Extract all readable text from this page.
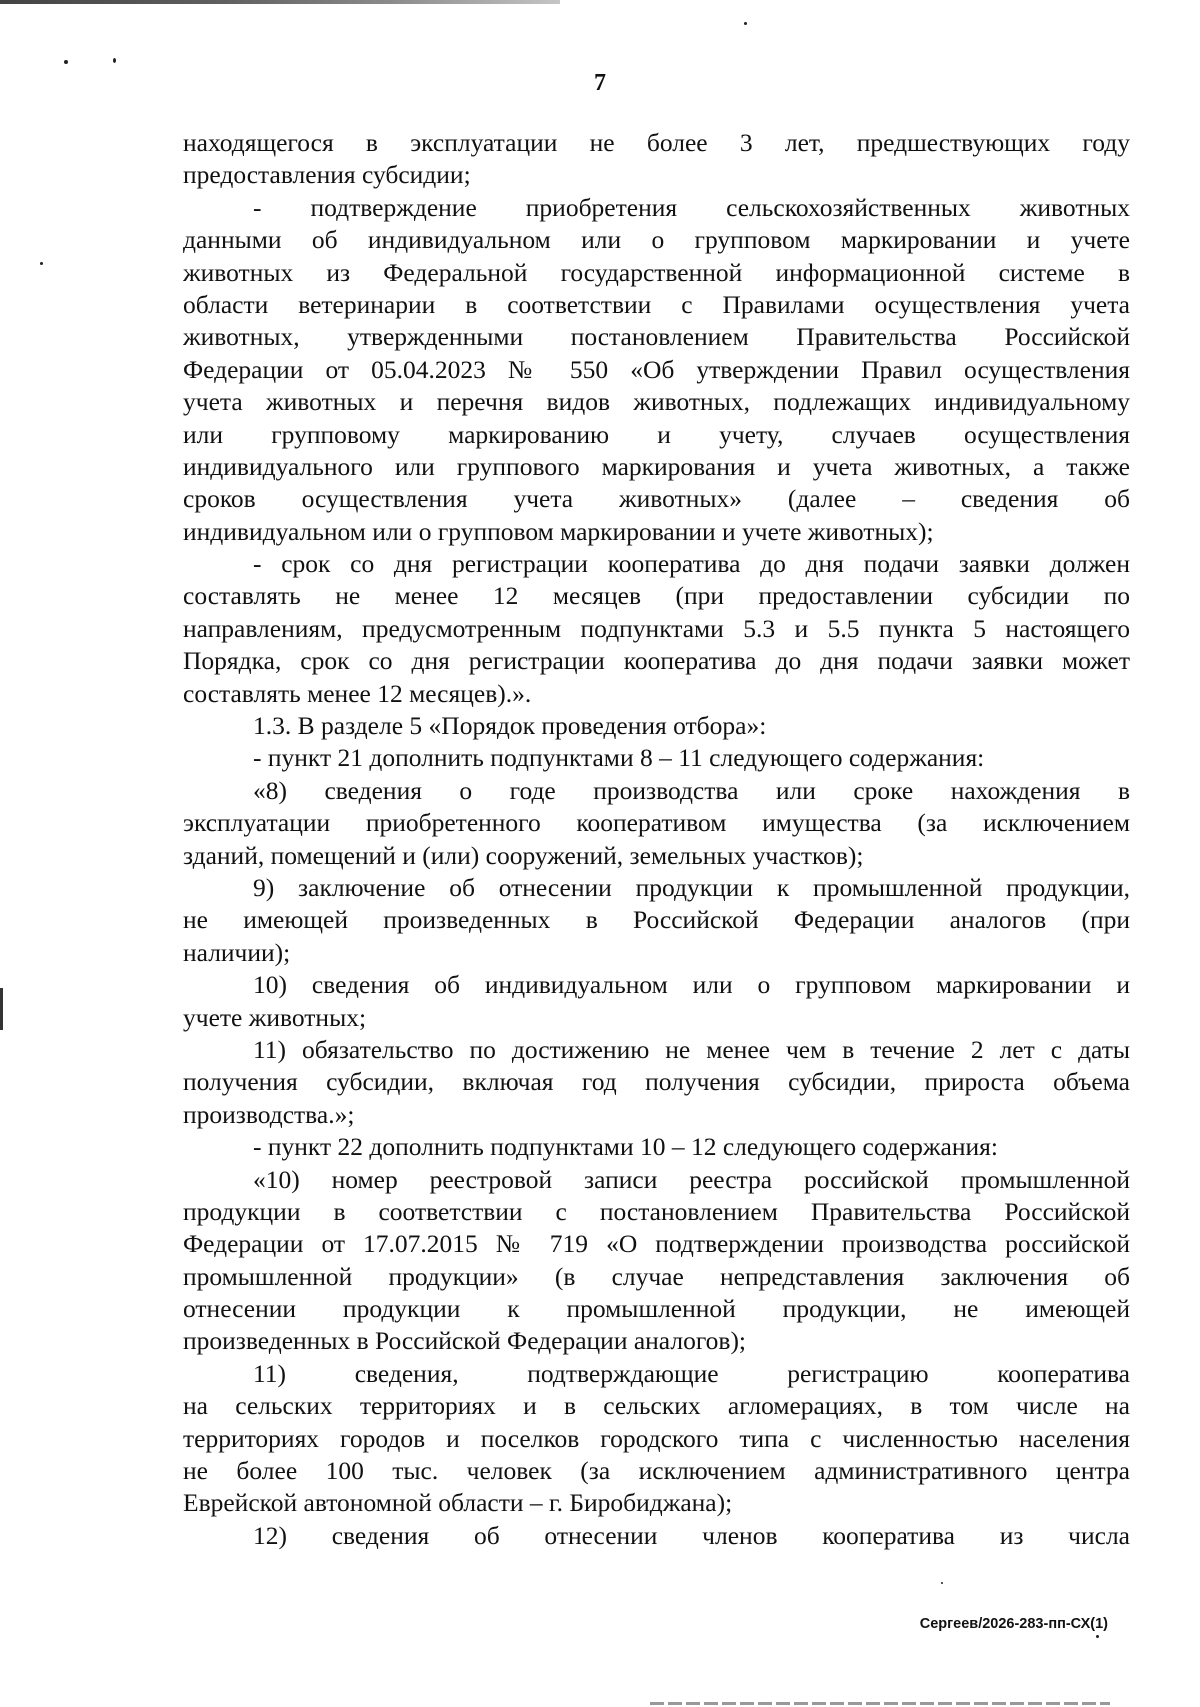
7
находящегося в эксплуатации не более 3 лет, предшествующих году
предоставления субсидии;
- подтверждение приобретения сельскохозяйственных животных
данными об индивидуальном или о групповом маркировании и учете
животных из Федеральной государственной информационной системе в
области ветеринарии в соответствии с Правилами осуществления учета
животных, утвержденными постановлением Правительства Российской
Федерации от 05.04.2023 № 550 «Об утверждении Правил осуществления
учета животных и перечня видов животных, подлежащих индивидуальному
или групповому маркированию и учету, случаев осуществления
индивидуального или группового маркирования и учета животных, а также
сроков осуществления учета животных» (далее – сведения об
индивидуальном или о групповом маркировании и учете животных);
- срок со дня регистрации кооператива до дня подачи заявки должен
составлять не менее 12 месяцев (при предоставлении субсидии по
направлениям, предусмотренным подпунктами 5.3 и 5.5 пункта 5 настоящего
Порядка, срок со дня регистрации кооператива до дня подачи заявки может
составлять менее 12 месяцев).».
1.3. В разделе 5 «Порядок проведения отбора»:
- пункт 21 дополнить подпунктами 8 – 11 следующего содержания:
«8) сведения о годе производства или сроке нахождения в
эксплуатации приобретенного кооперативом имущества (за исключением
зданий, помещений и (или) сооружений, земельных участков);
9) заключение об отнесении продукции к промышленной продукции,
не имеющей произведенных в Российской Федерации аналогов (при
наличии);
10) сведения об индивидуальном или о групповом маркировании и
учете животных;
11) обязательство по достижению не менее чем в течение 2 лет с даты
получения субсидии, включая год получения субсидии, прироста объема
производства.»;
- пункт 22 дополнить подпунктами 10 – 12 следующего содержания:
«10) номер реестровой записи реестра российской промышленной
продукции в соответствии с постановлением Правительства Российской
Федерации от 17.07.2015 № 719 «О подтверждении производства российской
промышленной продукции» (в случае непредставления заключения об
отнесении продукции к промышленной продукции, не имеющей
произведенных в Российской Федерации аналогов);
11) сведения, подтверждающие регистрацию кооператива
на сельских территориях и в сельских агломерациях, в том числе на
территориях городов и поселков городского типа с численностью населения
не более 100 тыс. человек (за исключением административного центра
Еврейской автономной области – г. Биробиджана);
12) сведения об отнесении членов кооператива из числа
Сергеев/2026-283-пп-СХ(1)
